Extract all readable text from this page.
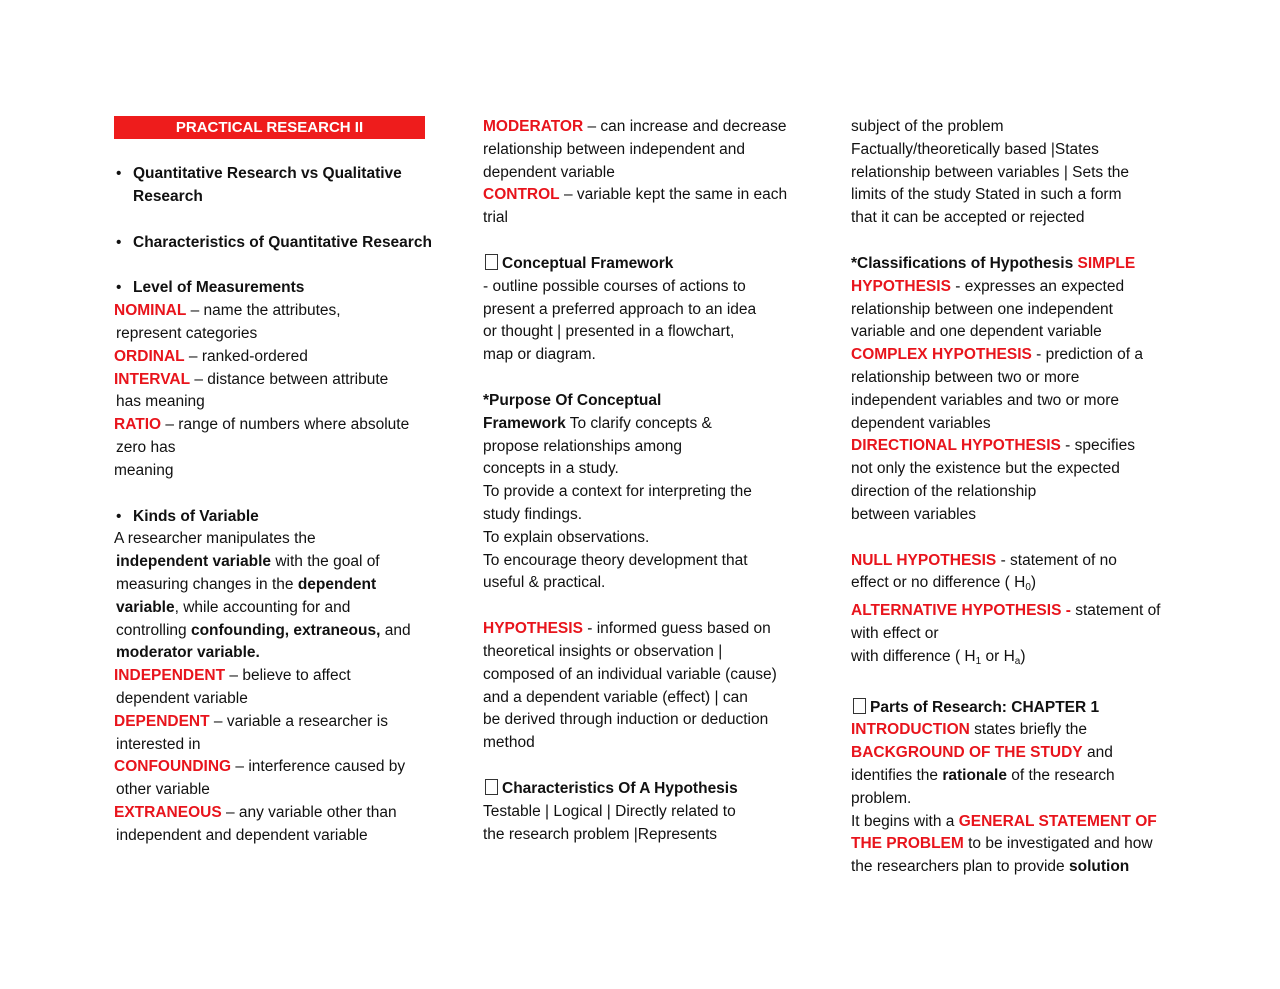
PRACTICAL RESEARCH II
• Quantitative Research vs Qualitative
Research
• Characteristics of Quantitative Research
• Level of Measurements
NOMINAL – name the attributes,
represent categories
ORDINAL – ranked-ordered
INTERVAL – distance between attribute
has meaning
RATIO – range of numbers where absolute
zero has
meaning
• Kinds of Variable
A researcher manipulates the
independent variable with the goal of
measuring changes in the dependent
variable, while accounting for and
controlling confounding, extraneous, and
moderator variable.
INDEPENDENT – believe to affect
dependent variable
DEPENDENT – variable a researcher is
interested in
CONFOUNDING – interference caused by
other variable
EXTRANEOUS – any variable other than
independent and dependent variable
MODERATOR – can increase and decrease
relationship between independent and
dependent variable
CONTROL – variable kept the same in each
trial
Conceptual Framework
- outline possible courses of actions to
present a preferred approach to an idea
or thought | presented in a flowchart,
map or diagram.
*Purpose Of Conceptual
Framework To clarify concepts &
propose relationships among
concepts in a study.
To provide a context for interpreting the
study findings.
To explain observations.
To encourage theory development that
useful & practical.
HYPOTHESIS - informed guess based on
theoretical insights or observation |
composed of an individual variable (cause)
and a dependent variable (effect) | can
be derived through induction or deduction
method
Characteristics Of A Hypothesis
Testable | Logical | Directly related to
the research problem |Represents
subject of the problem
Factually/theoretically based |States
relationship between variables | Sets the
limits of the study Stated in such a form
that it can be accepted or rejected
*Classifications of Hypothesis SIMPLE
HYPOTHESIS - expresses an expected
relationship between one independent
variable and one dependent variable
COMPLEX HYPOTHESIS - prediction of a
relationship between two or more
independent variables and two or more
dependent variables
DIRECTIONAL HYPOTHESIS - specifies
not only the existence but the expected
direction of the relationship
between variables
NULL HYPOTHESIS - statement of no
effect or no difference ( $H_0$)
ALTERNATIVE HYPOTHESIS - statement of
with effect or
with difference ( $H_1$ or $H_a$)
Parts of Research: CHAPTER 1
INTRODUCTION states briefly the
BACKGROUND OF THE STUDY and
identifies the rationale of the research
problem.
It begins with a GENERAL STATEMENT OF
THE PROBLEM to be investigated and how
the researchers plan to provide solution
